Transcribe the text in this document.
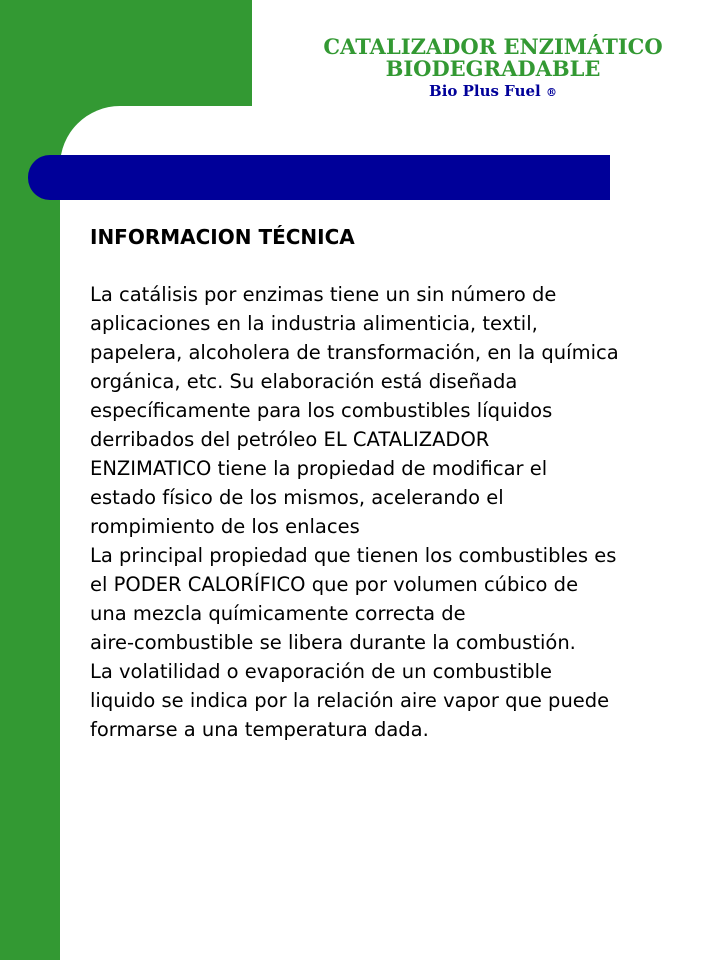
CATALIZADOR ENZIMÁTICO
BIODEGRADABLE
Bio Plus Fuel ®
INFORMACION TÉCNICA

La catálisis por enzimas tiene un sin número de
aplicaciones en la industria alimenticia, textil,
papelera, alcoholera de transformación, en la química
orgánica, etc. Su elaboración está diseñada
específicamente para los combustibles líquidos
derribados del petróleo EL CATALIZADOR
ENZIMATICO tiene la propiedad de modificar el
estado físico de los mismos, acelerando el
rompimiento de los enlaces

La principal propiedad que tienen los combustibles es
el PODER CALORÍFICO que por volumen cúbico de
una mezcla químicamente correcta de
aire-combustible se libera durante la combustión.

La volatilidad o evaporación de un combustible
liquido se indica por la relación aire vapor que puede
formarse a una temperatura dada.
